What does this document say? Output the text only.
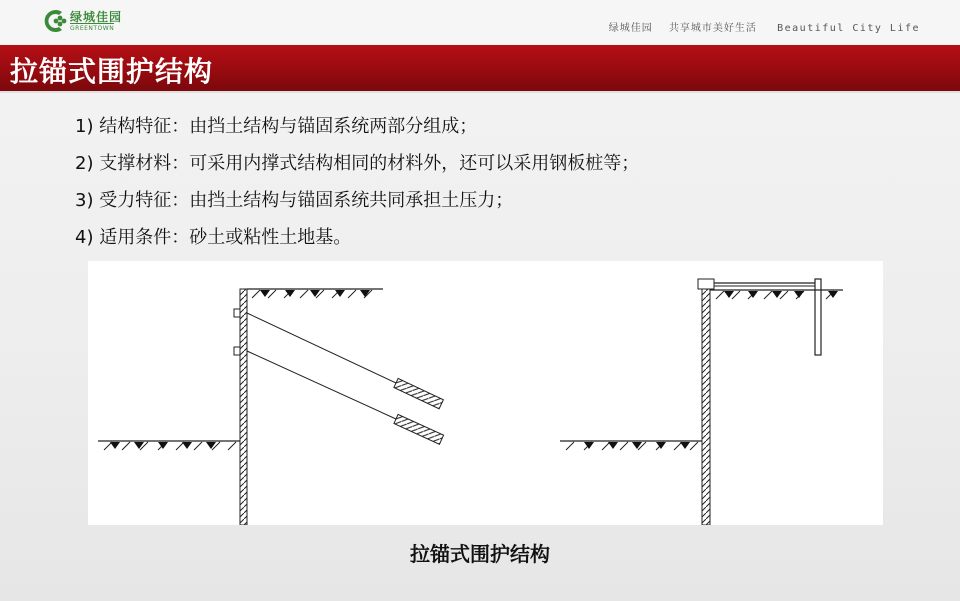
绿城佳园
GREENTOWN	绿城佳园 共享城市美好生活 Beautiful City Life
拉锚式围护结构
1) 结构特征：由挡土结构与锚固系统两部分组成；
2) 支撑材料：可采用内撑式结构相同的材料外，还可以采用钢板桩等；
3) 受力特征：由挡土结构与锚固系统共同承担土压力；
4) 适用条件：砂土或粘性土地基。
拉锚式围护结构
